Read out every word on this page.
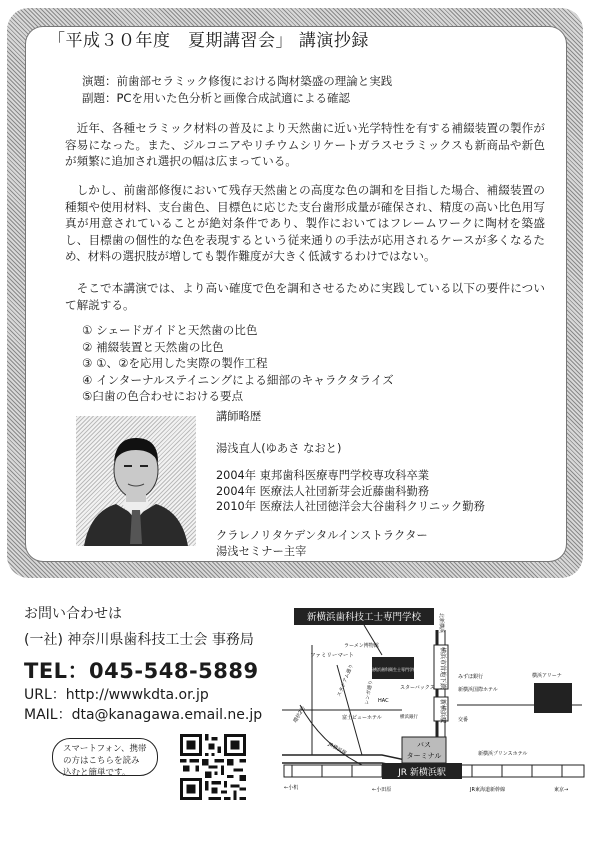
「平成３０年度　夏期講習会」 講演抄録
演題：前歯部セラミック修復における陶材築盛の理論と実践
副題：PCを用いた色分析と画像合成試適による確認

近年、各種セラミック材料の普及により天然歯に近い光学特性を有する補綴装置の製作が容易になった。また、ジルコニアやリチウムシリケートガラスセラミックスも新商品や新色が頻繁に追加され選択の幅は広まっている。

しかし、前歯部修復において残存天然歯との高度な色の調和を目指した場合、補綴装置の種類や使用材料、支台歯色、目標色に応じた支台歯形成量が確保され、精度の高い比色用写真が用意されていることが絶対条件であり、製作においてはフレームワークに陶材を築盛し、目標歯の個性的な色を表現するという従来通りの手法が応用されるケースが多くなるため、材料の選択肢が増しても製作難度が大きく低減するわけではない。

そこで本講演では、より高い確度で色を調和させるために実践している以下の要件について解説する。

① シェードガイドと天然歯の比色
② 補綴装置と天然歯の比色
③ ①、②を応用した実際の製作工程
④ インターナルステイニングによる細部のキャラクタライズ
⑤臼歯の色合わせにおける要点
講師略歴
湯浅直人(ゆあさ なおと)
2004年 東邦歯科医療専門学校専攻科卒業
2004年 医療法人社団新芽会近藤歯科勤務
2010年 医療法人社団徳洋会大谷歯科クリニック勤務
クラレノリタケデンタルインストラクター
湯浅セミナー主宰
お問い合わせは
(一社) 神奈川県歯科技工士会 事務局
TEL：045-548-5889
URL：http://wwwkdta.or.jp
MAIL：dta@kanagawa.email.ne.jp
スマートフォン、携帯の方はこちらを読み込むと簡単です。
新横浜歯科技工士専門学校
新横浜歯科衛生士専門学校
バス
ターミナル
JR 新横浜駅
横浜市営地下鉄
新横浜駅
ファミリーマート
ラーメン博物館
スタジアム通り レンガ通り	スターバックス
HAC
富士ビューホテル	横浜銀行
みずほ銀行
新横浜国際ホテル
交番
新横浜プリンスホテル
JR東海道新幹線
環状2号
JR横浜線
←小机	←小田原	東京→
北新横浜
横浜アリーナ
